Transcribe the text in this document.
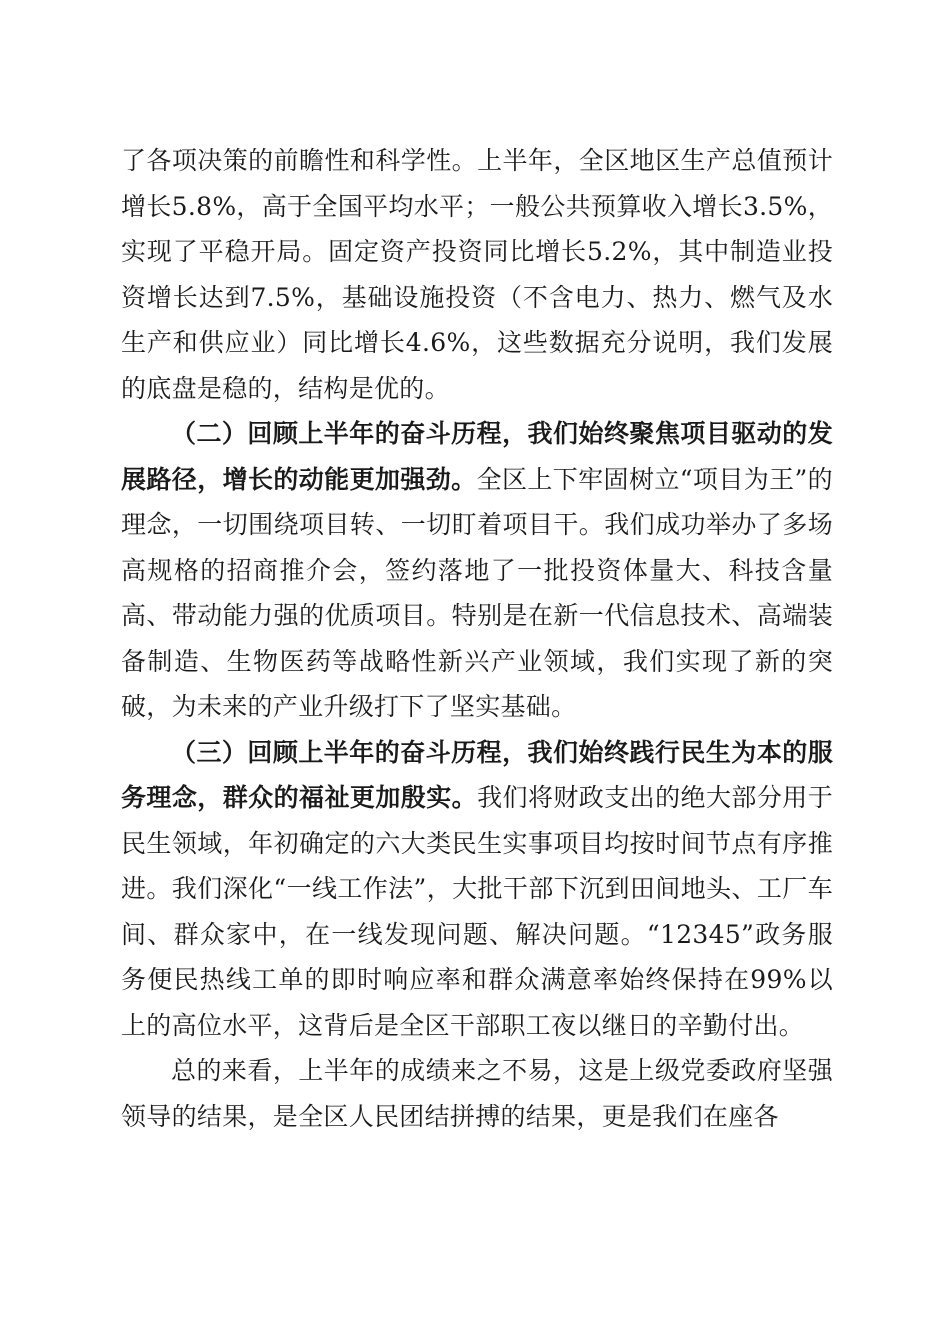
了各项决策的前瞻性和科学性。上半年，全区地区生产总值预计增长5.8%，高于全国平均水平；一般公共预算收入增长3.5%，实现了平稳开局。固定资产投资同比增长5.2%，其中制造业投资增长达到7.5%，基础设施投资（不含电力、热力、燃气及水生产和供应业）同比增长4.6%，这些数据充分说明，我们发展的底盘是稳的，结构是优的。

（二）回顾上半年的奋斗历程，我们始终聚焦项目驱动的发展路径，增长的动能更加强劲。全区上下牢固树立“项目为王”的理念，一切围绕项目转、一切盯着项目干。我们成功举办了多场高规格的招商推介会，签约落地了一批投资体量大、科技含量高、带动能力强的优质项目。特别是在新一代信息技术、高端装备制造、生物医药等战略性新兴产业领域，我们实现了新的突破，为未来的产业升级打下了坚实基础。

（三）回顾上半年的奋斗历程，我们始终践行民生为本的服务理念，群众的福祉更加殷实。我们将财政支出的绝大部分用于民生领域，年初确定的六大类民生实事项目均按时间节点有序推进。我们深化“一线工作法”，大批干部下沉到田间地头、工厂车间、群众家中，在一线发现问题、解决问题。“12345”政务服务便民热线工单的即时响应率和群众满意率始终保持在99%以上的高位水平，这背后是全区干部职工夜以继日的辛勤付出。

总的来看，上半年的成绩来之不易，这是上级党委政府坚强领导的结果，是全区人民团结拼搏的结果，更是我们在座各
